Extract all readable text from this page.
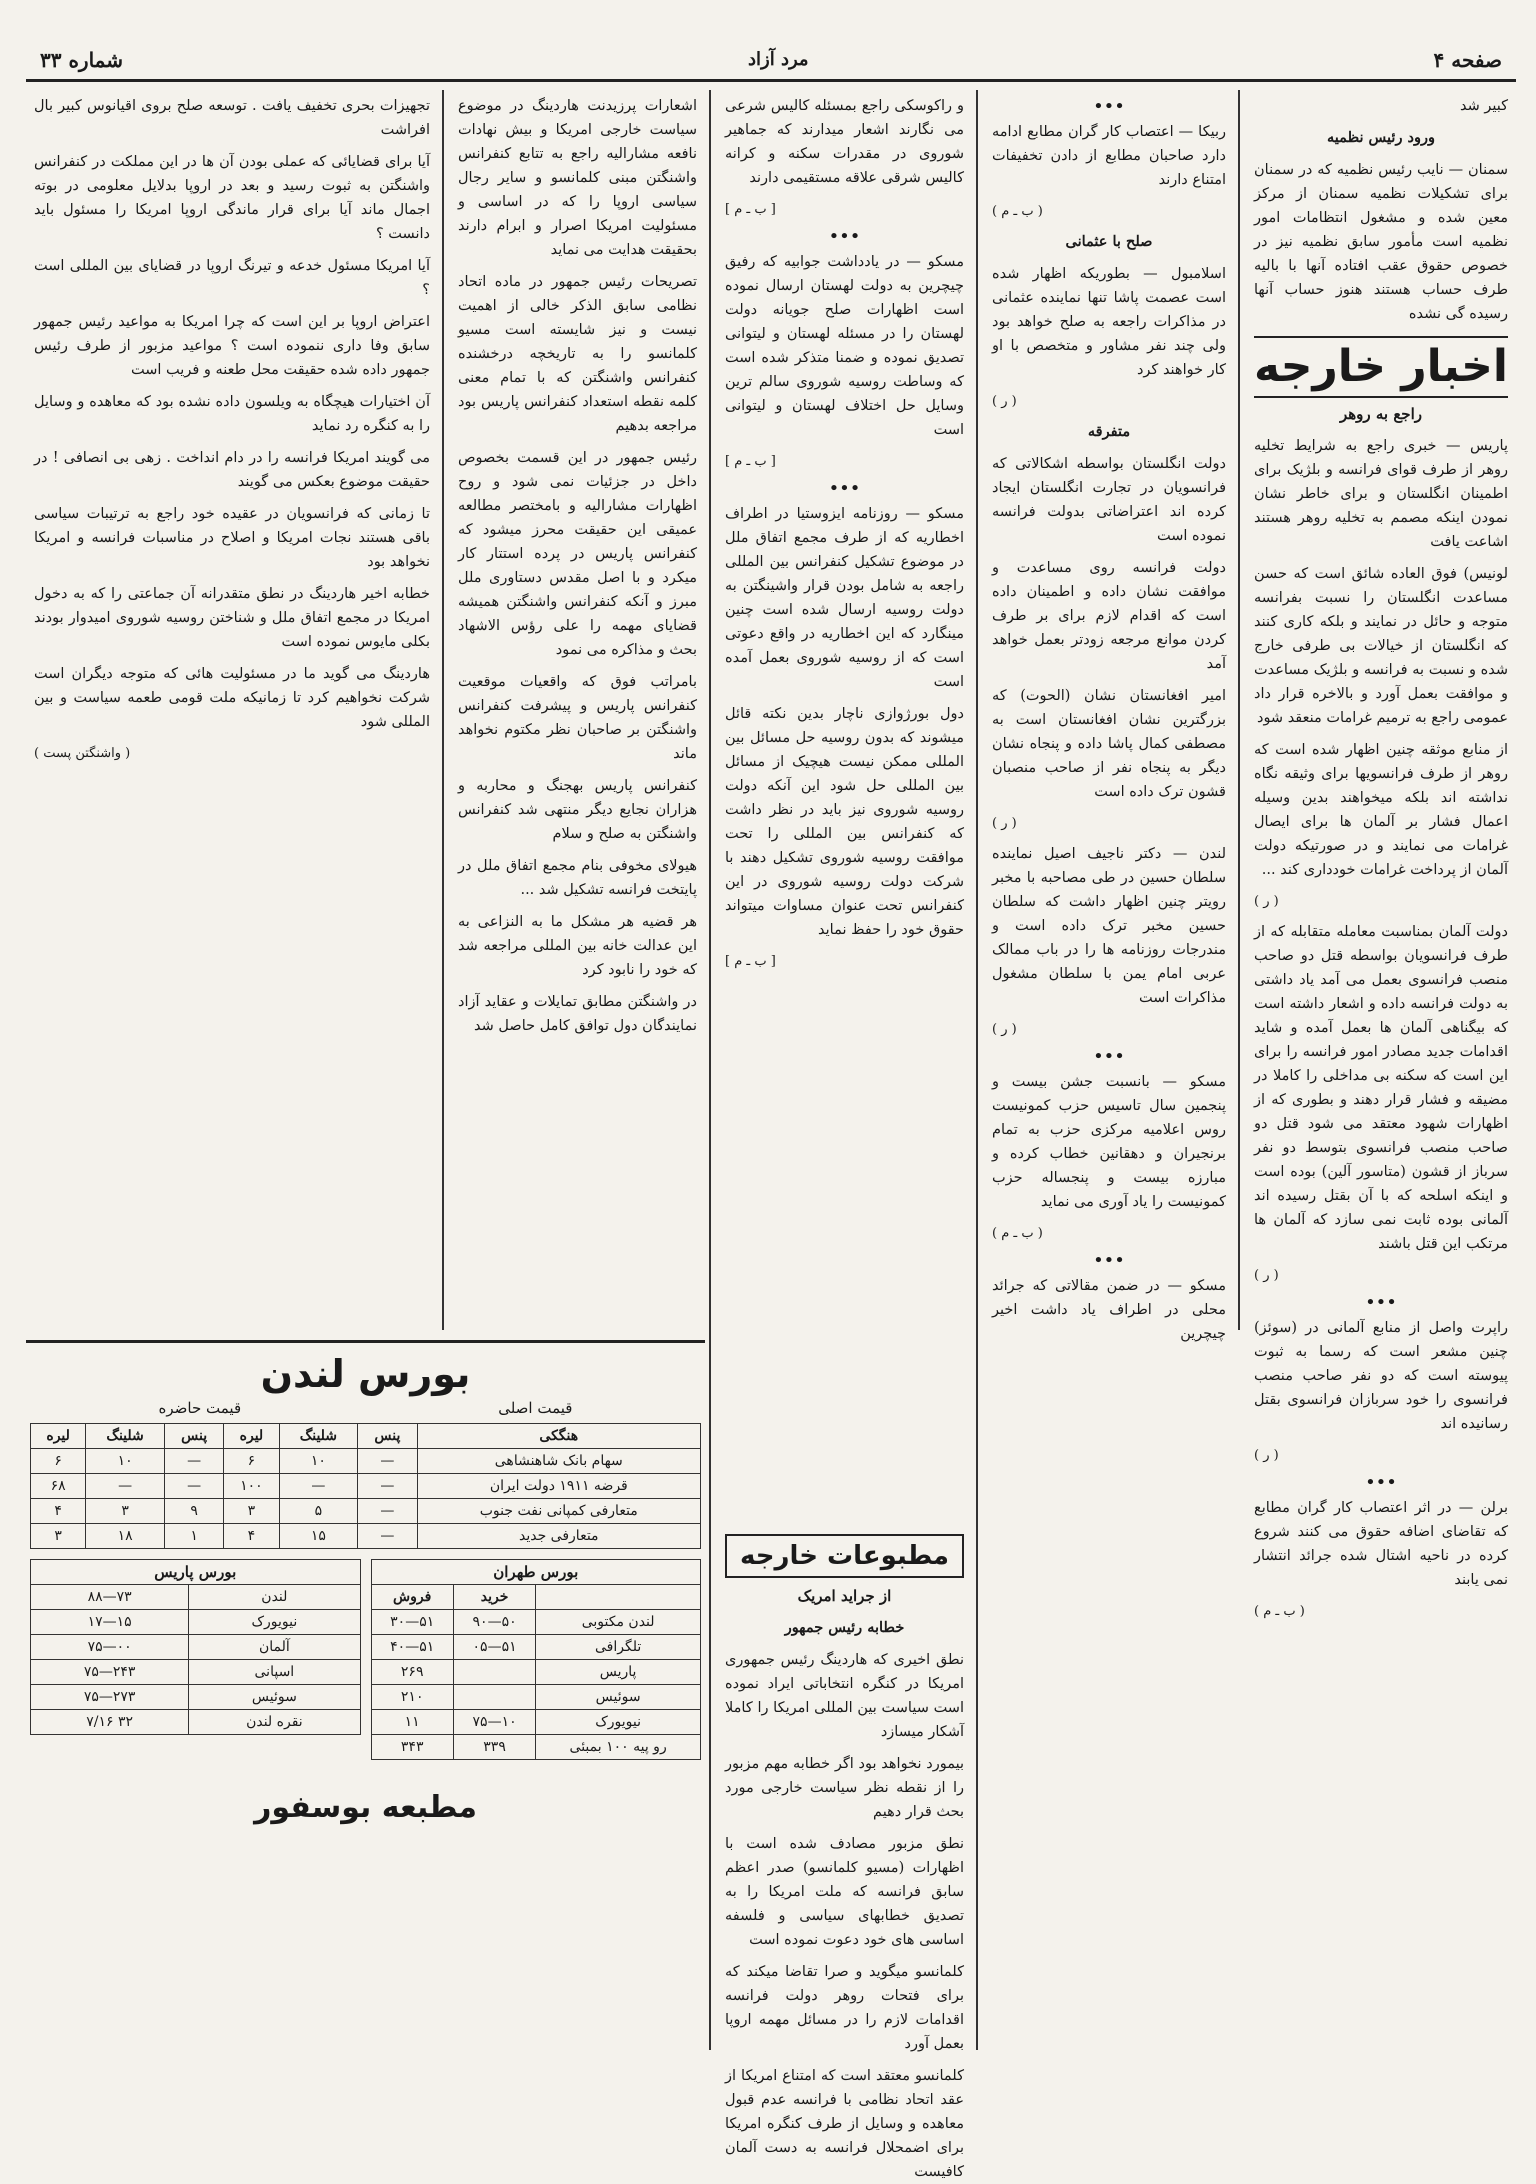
صفحه ۴
مرد آزاد
شماره ۳۳

کبیر شد

ورود رئیس نظمیه

سمنان — نایب رئیس نظمیه که در سمنان برای تشکیلات نظمیه سمنان از مرکز معین شده و مشغول انتظامات امور نظمیه است مأمور سابق نظمیه نیز در خصوص حقوق عقب افتاده آنها با بالیه طرف حساب هستند هنوز حساب آنها رسیده گی نشده

اخبار خارجه
راجع به روهر

پاریس — خبری راجع به شرایط تخلیه روهر از طرف قوای فرانسه و بلژیک برای اطمینان انگلستان و برای خاطر نشان نمودن اینکه مصمم به تخلیه روهر هستند اشاعت یافت

لونیس) فوق العاده شائق است که حسن مساعدت انگلستان را نسبت بفرانسه متوجه و حائل در نمایند و بلکه کاری کنند که انگلستان از خیالات بی طرفی خارج شده و نسبت به فرانسه و بلژیک مساعدت و موافقت بعمل آورد و بالاخره قرار داد عمومی راجع به ترمیم غرامات منعقد شود

از منابع موثقه چنین اظهار شده است که روهر از طرف فرانسویها برای وثیقه نگاه نداشته اند بلکه میخواهند بدین وسیله اعمال فشار بر آلمان ها برای ایصال غرامات می نمایند و در صورتیکه دولت آلمان از پرداخت غرامات خودداری کند ...

( ر )

دولت آلمان بمناسبت معامله متقابله که از طرف فرانسویان بواسطه قتل دو صاحب منصب فرانسوی بعمل می آمد یاد داشتی به دولت فرانسه داده و اشعار داشته است که بیگناهی آلمان ها بعمل آمده و شاید اقدامات جدید مصادر امور فرانسه را برای این است که سکنه بی مداخلی را کاملا در مضیقه و فشار قرار دهند و بطوری که از اظهارات شهود معتقد می شود قتل دو صاحب منصب فرانسوی بتوسط دو نفر سرباز از قشون (متاسور آلین) بوده است و اینکه اسلحه که با آن بقتل رسیده اند آلمانی بوده ثابت نمی سازد که آلمان ها مرتکب این قتل باشند

( ر )
•••

راپرت واصل از منابع آلمانی در (سوئز) چنین مشعر است که رسما به ثبوت پیوسته است که دو نفر صاحب منصب فرانسوی را خود سربازان فرانسوی بقتل رسانیده اند

( ر )
•••

برلن — در اثر اعتصاب کار گران مطابع که تقاضای اضافه حقوق می کنند شروع کرده در ناحیه اشتال شده جرائد انتشار نمی یابند

( ب ـ م )
•••

ربیکا — اعتصاب کار گران مطابع ادامه دارد صاحبان مطابع از دادن تخفیفات امتناع دارند

( ب ـ م )

صلح با عثمانی

اسلامبول — بطوریکه اظهار شده است عصمت پاشا تنها نماینده عثمانی در مذاکرات راجعه به صلح خواهد بود ولی چند نفر مشاور و متخصص با او کار خواهند کرد

( ر )

متفرقه

دولت انگلستان بواسطه اشکالاتی که فرانسویان در تجارت انگلستان ایجاد کرده اند اعتراضاتی بدولت فرانسه نموده است

دولت فرانسه روی مساعدت و موافقت نشان داده و اطمینان داده است که اقدام لازم برای بر طرف کردن موانع مرجعه زودتر بعمل خواهد آمد

امیر افغانستان نشان (الحوت) که بزرگترین نشان افغانستان است به مصطفی کمال پاشا داده و پنجاه نشان دیگر به پنجاه نفر از صاحب منصبان قشون ترک داده است

( ر )

لندن — دکتر ناجیف اصیل نماینده سلطان حسین در طی مصاحبه با مخبر رویتر چنین اظهار داشت که سلطان حسین مخبر ترک داده است و مندرجات روزنامه ها را در باب ممالک عربی امام یمن با سلطان مشغول مذاکرات است

( ر )
•••

مسکو — بانسبت جشن بیست و پنجمین سال تاسیس حزب کمونیست روس اعلامیه مرکزی حزب به تمام برنجیران و دهقانین خطاب کرده و مبارزه بیست و پنجساله حزب کمونیست را یاد آوری می نماید

( ب ـ م )
•••

مسکو — در ضمن مقالاتی که جرائد محلی در اطراف یاد داشت اخیر چیچرین

و راکوسکی راجع بمسئله کالیس شرعی می نگارند اشعار میدارند که جماهیر شوروی در مقدرات سکنه و کرانه کالیس شرقی علاقه مستقیمی دارند

[ ب ـ م ]
•••

مسکو — در یادداشت جوابیه که رفیق چیچرین به دولت لهستان ارسال نموده است اظهارات صلح جویانه دولت لهستان را در مسئله لهستان و لیتوانی تصدیق نموده و ضمنا متذکر شده است که وساطت روسیه شوروی سالم ترین وسایل حل اختلاف لهستان و لیتوانی است

[ ب ـ م ]
•••

مسکو — روزنامه ایزوستیا در اطراف اخطاریه که از طرف مجمع اتفاق ملل در موضوع تشکیل کنفرانس بین المللی راجعه به شامل بودن قرار واشینگتن به دولت روسیه ارسال شده است چنین مینگارد که این اخطاریه در واقع دعوتی است که از روسیه شوروی بعمل آمده است

دول بورژوازی ناچار بدین نکته قائل میشوند که بدون روسیه حل مسائل بین المللی ممکن نیست هیچیک از مسائل بین المللی حل شود این آنکه دولت روسیه شوروی نیز باید در نظر داشت که کنفرانس بین المللی را تحت موافقت روسیه شوروی تشکیل دهند با شرکت دولت روسیه شوروی در این کنفرانس تحت عنوان مساوات میتواند حقوق خود را حفظ نماید

[ ب ـ م ]
مطبوعات خارجه
از جراید امریک

خطابه رئیس جمهور

نطق اخیری که هاردینگ رئیس جمهوری امریکا در کنگره انتخاباتی ایراد نموده است سیاست بین المللی امریکا را کاملا آشکار میسازد

بیمورد نخواهد بود اگر خطابه مهم مزبور را از نقطه نظر سیاست خارجی مورد بحث قرار دهیم

نطق مزبور مصادف شده است با اظهارات (مسیو کلمانسو) صدر اعظم سابق فرانسه که ملت امریکا را به تصدیق خطابهای سیاسی و فلسفه اساسی های خود دعوت نموده است

کلمانسو میگوید و صرا تقاضا میکند که برای فتحات روهر دولت فرانسه اقدامات لازم را در مسائل مهمه اروپا بعمل آورد

کلمانسو معتقد است که امتناع امریکا از عقد اتحاد نظامی با فرانسه عدم قبول معاهده و وسایل از طرف کنگره امریکا برای اضمحلال فرانسه به دست آلمان کافیست

اشعارات پرزیدنت هاردینگ در موضوع سیاست خارجی امریکا و بیش نهادات نافعه مشارالیه راجع به تتابع کنفرانس واشنگتن مبنی کلمانسو و سایر رجال سیاسی اروپا را که در اساسی و مسئولیت امریکا اصرار و ابرام دارند بحقیقت هدایت می نماید

تصریحات رئیس جمهور در ماده اتحاد نظامی سابق الذکر خالی از اهمیت نیست و نیز شایسته است مسیو کلمانسو را به تاریخچه درخشنده کنفرانس واشنگتن که با تمام معنی کلمه نقطه استعداد کنفرانس پاریس بود مراجعه بدهیم

رئیس جمهور در این قسمت بخصوص داخل در جزئیات نمی شود و روح اظهارات مشارالیه و بامختصر مطالعه عمیقی این حقیقت محرز میشود که کنفرانس پاریس در پرده استتار کار میکرد و با اصل مقدس دستاوری ملل مبرز و آنکه کنفرانس واشنگتن همیشه قضایای مهمه را علی رؤس الاشهاد بحث و مذاکره می نمود

بامراتب فوق که واقعیات موقعیت کنفرانس پاریس و پیشرفت کنفرانس واشنگتن بر صاحبان نظر مکتوم نخواهد ماند

کنفرانس پاریس بهجنگ و محاربه و هزاران نجایع دیگر منتهی شد کنفرانس واشنگتن به صلح و سلام

هیولای مخوفی بنام مجمع اتفاق ملل در پایتخت فرانسه تشکیل شد ...

هر قضیه هر مشکل ما به النزاعی به این عدالت خانه بین المللی مراجعه شد که خود را نابود کرد

در واشنگتن مطابق تمایلات و عقاید آزاد نمایندگان دول توافق کامل حاصل شد

تجهیزات بحری تخفیف یافت . توسعه صلح بروی اقیانوس کبیر بال افراشت

آیا برای قضایائی که عملی بودن آن ها در این مملکت در کنفرانس واشنگتن به ثبوت رسید و بعد در اروپا بدلایل معلومی در بوته اجمال ماند آیا برای قرار ماندگی اروپا امریکا را مسئول باید دانست ؟

آیا امریکا مسئول خدعه و تیرنگ اروپا در قضایای بین المللی است ؟

اعتراض اروپا بر این است که چرا امریکا به مواعید رئیس جمهور سابق وفا داری ننموده است ؟ مواعید مزبور از طرف رئیس جمهور داده شده حقیقت محل طعنه و فریب است

آن اختیارات هیچگاه به ویلسون داده نشده بود که معاهده و وسایل را به کنگره رد نماید

می گویند امریکا فرانسه را در دام انداخت . زهی بی انصافی ! در حقیقت موضوع بعکس می گویند

تا زمانی که فرانسویان در عقیده خود راجع به ترتیبات سیاسی باقی هستند نجات امریکا و اصلاح در مناسبات فرانسه و امریکا نخواهد بود

خطابه اخیر هاردینگ در نطق متقدرانه آن جماعتی را که به دخول امریکا در مجمع اتفاق ملل و شناختن روسیه شوروی امیدوار بودند بکلی مایوس نموده است

هاردینگ می گوید ما در مسئولیت هائی که متوجه دیگران است شرکت نخواهیم کرد تا زمانیکه ملت قومی طعمه سیاست و بین المللی شود

( واشنگتن پست )
بورس لندن
قیمت اصلی
قیمت حاضره
هنگکی	پنس	شلینگ	لیره	پنس	شلینگ	لیره
سهام بانک شاهنشاهی	—	۱۰	۶	—	۱۰	۶
قرضه ۱۹۱۱ دولت ایران	—	—	۱۰۰	—	—	۶۸
متعارفی کمپانی نفت جنوب	—	۵	۳	۹	۳	۴
متعارفی جدید	—	۱۵	۴	۱	۱۸	۳
بورس طهران
	خرید	فروش
لندن مکتوبی	۵۰—۹۰	۵۱—۳۰
تلگرافی	۵۱—۰۵	۵۱—۴۰
پاریس		۲۶۹
سوئیس		۲۱۰
نیویورک	۱۰—۷۵	۱۱
رو پیه ۱۰۰ بمبئی	۳۳۹	۳۴۳
بورس پاریس
لندن	۷۳—۸۸
نیویورک	۱۵—۱۷
آلمان	۰۰—۷۵
اسپانی	۲۴۳—۷۵
سوئیس	۲۷۳—۷۵
نقره لندن	۳۲ ۷/۱۶
مطبعه بوسفور
